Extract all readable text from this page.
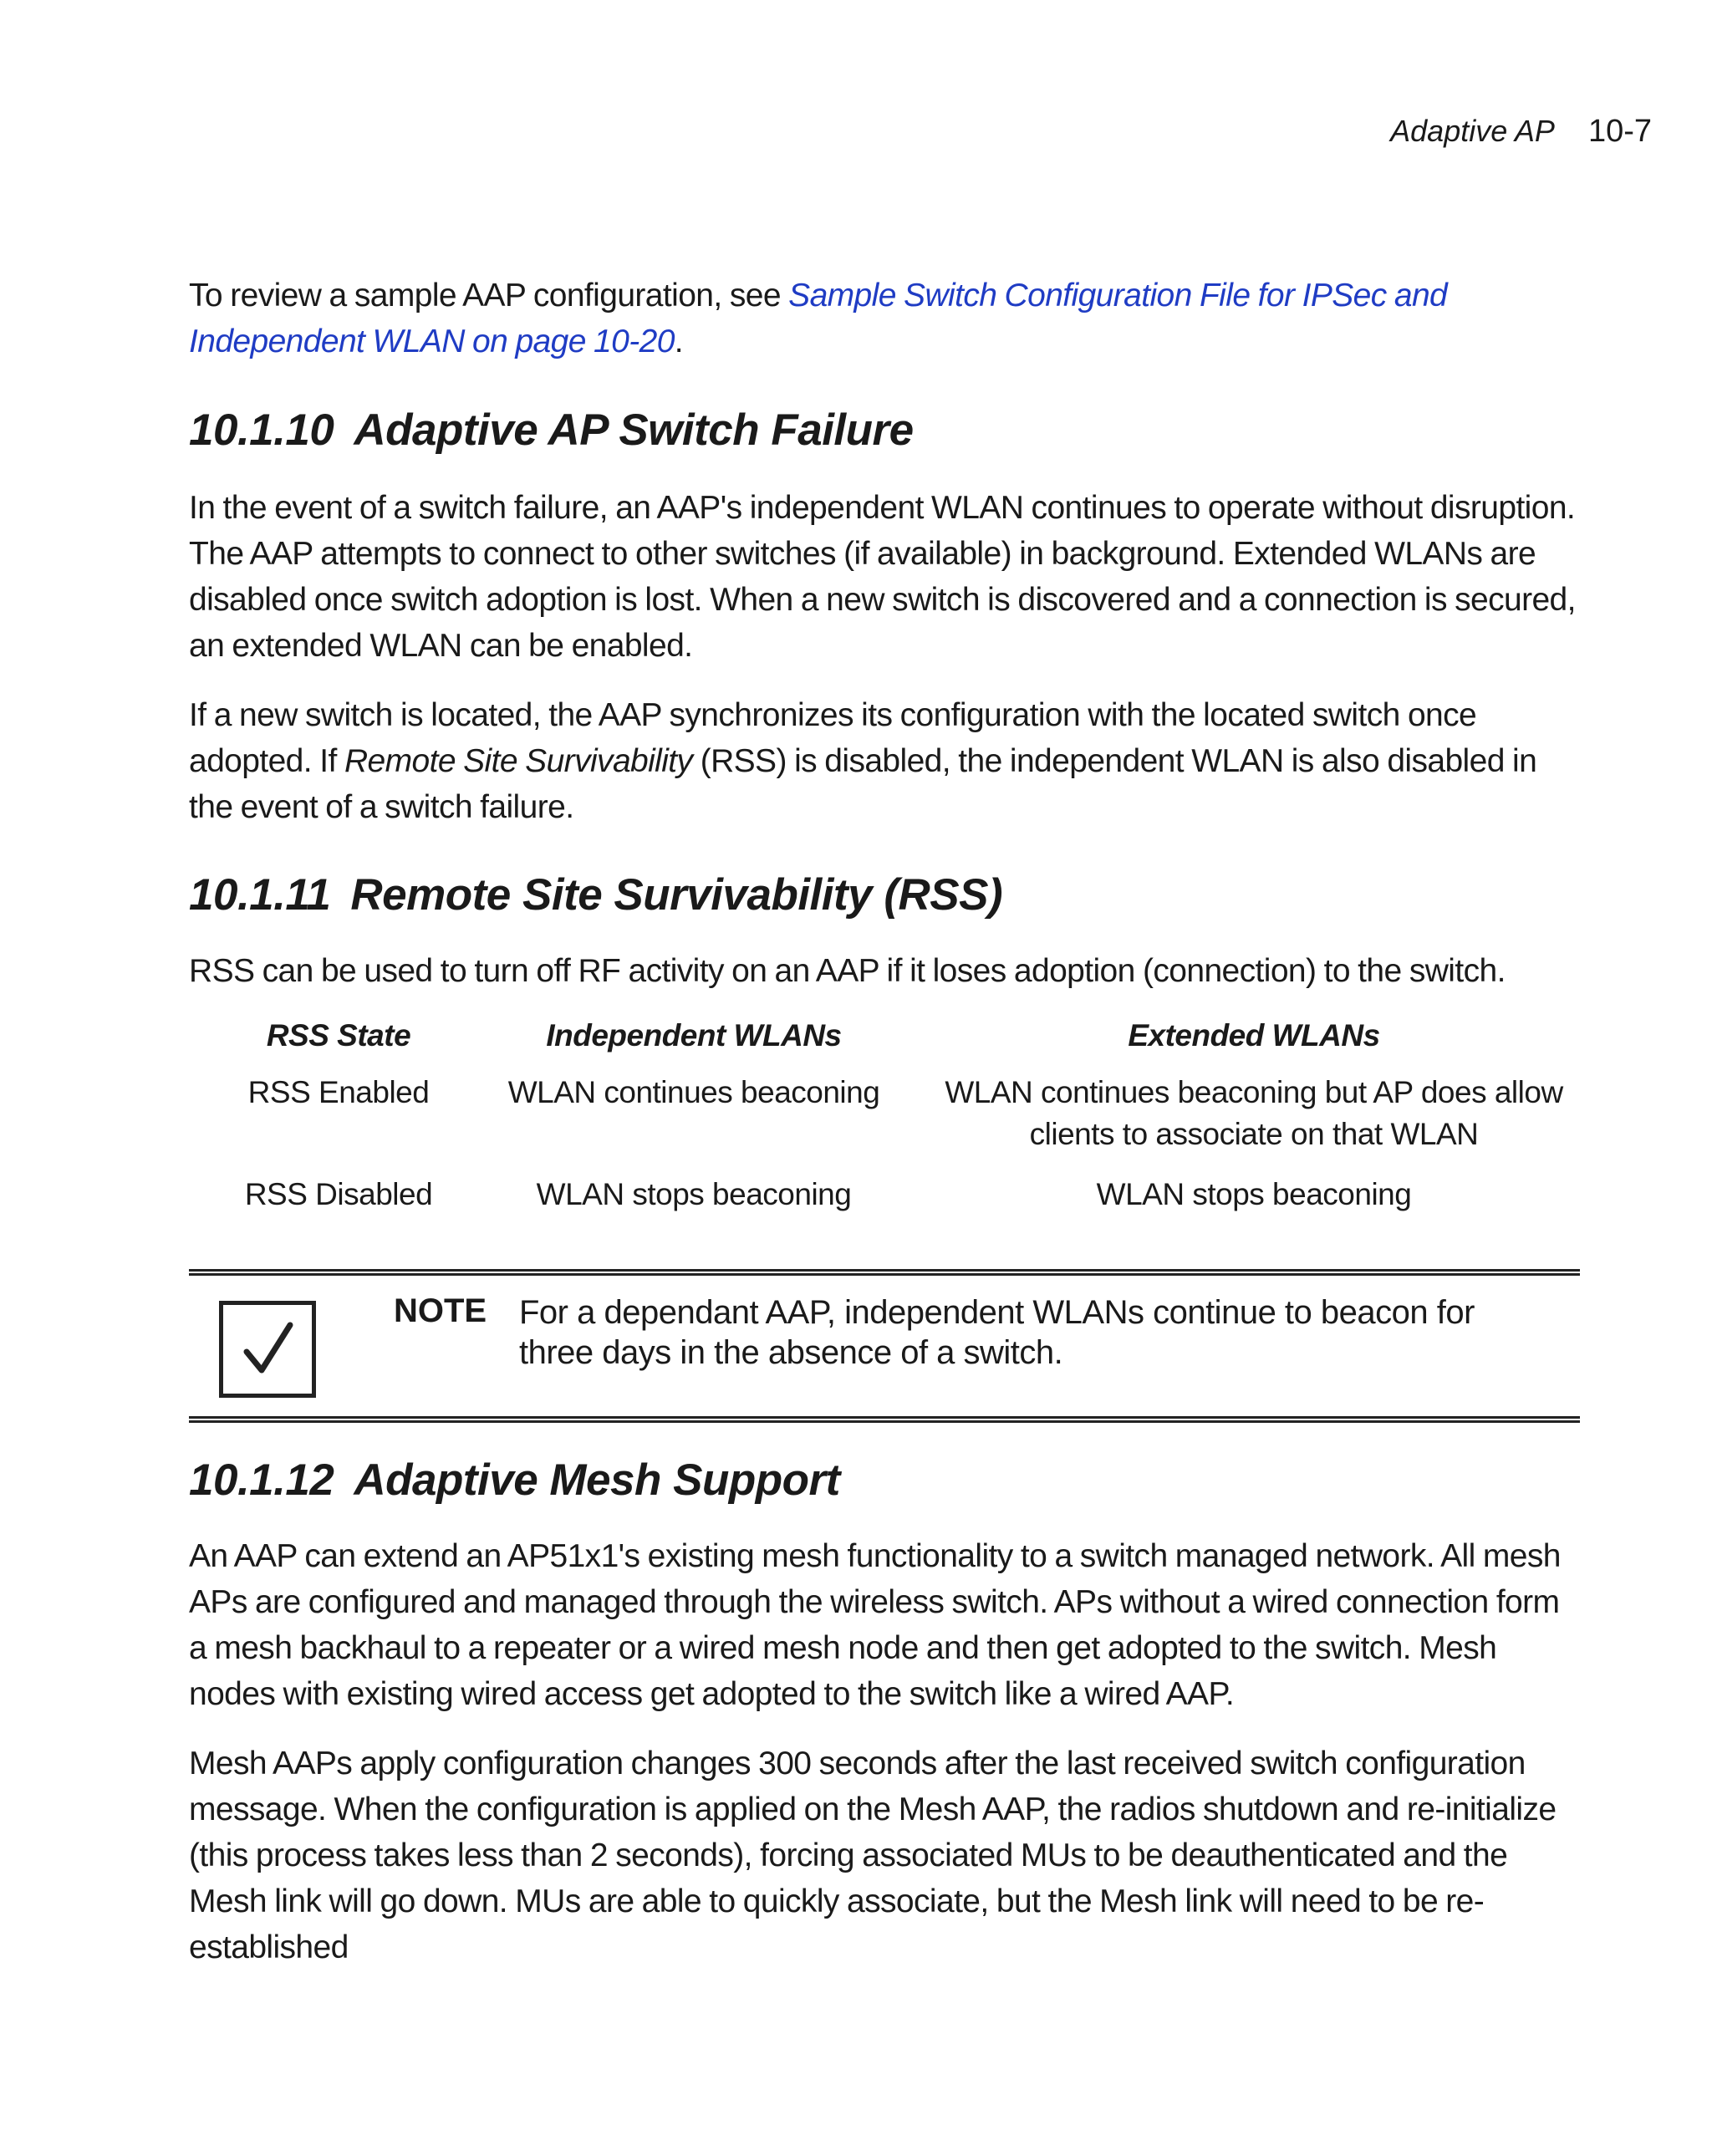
Adaptive AP 10-7

To review a sample AAP configuration, see Sample Switch Configuration File for IPSec and Independent WLAN on page 10-20.

10.1.10 Adaptive AP Switch Failure

In the event of a switch failure, an AAP's independent WLAN continues to operate without disruption. The AAP attempts to connect to other switches (if available) in background. Extended WLANs are disabled once switch adoption is lost. When a new switch is discovered and a connection is secured, an extended WLAN can be enabled.

If a new switch is located, the AAP synchronizes its configuration with the located switch once adopted. If Remote Site Survivability (RSS) is disabled, the independent WLAN is also disabled in the event of a switch failure.

10.1.11 Remote Site Survivability (RSS)

RSS can be used to turn off RF activity on an AAP if it loses adoption (connection) to the switch.

RSS State	Independent WLANs	Extended WLANs
RSS Enabled	WLAN continues beaconing	WLAN continues beaconing but AP does allow clients to associate on that WLAN
RSS Disabled	WLAN stops beaconing	WLAN stops beaconing
NOTE For a dependant AAP, independent WLANs continue to beacon for three days in the absence of a switch.
10.1.12 Adaptive Mesh Support

An AAP can extend an AP51x1's existing mesh functionality to a switch managed network. All mesh APs are configured and managed through the wireless switch. APs without a wired connection form a mesh backhaul to a repeater or a wired mesh node and then get adopted to the switch. Mesh nodes with existing wired access get adopted to the switch like a wired AAP.

Mesh AAPs apply configuration changes 300 seconds after the last received switch configuration message. When the configuration is applied on the Mesh AAP, the radios shutdown and re-initialize (this process takes less than 2 seconds), forcing associated MUs to be deauthenticated and the Mesh link will go down. MUs are able to quickly associate, but the Mesh link will need to be re-established
